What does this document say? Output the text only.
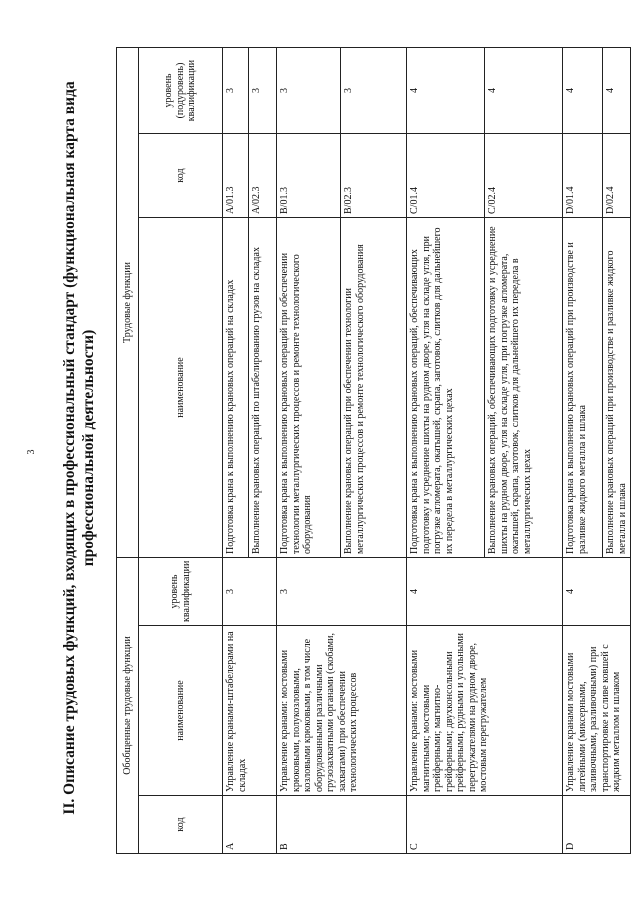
3 II. Описание трудовых функций, входящих в профессиональный стандарт (функциональная карта вида профессиональной деятельности)
Обобщенные трудовые функции			Трудовые функции		
код	наименование	уровень квалификации	наименование	код	уровень (подуровень) квалификации
A	Управление кранами-штабелерами на складах	3	Подготовка крана к выполнению крановых операций на складах	A/01.3	3
			Выполнение крановых операций по штабелированию грузов на складах	A/02.3	3
B	Управление кранами: мостовыми крюковыми, полукозловыми, козловыми крюковыми, в том числе оборудованными различными грузозахватными органами (скобами, захватами) при обеспечении технологических процессов	3	Подготовка крана к выполнению крановых операций при обеспечении технологии металлургических процессов и ремонте технологического оборудования	B/01.3	3
			Выполнение крановых операций при обеспечении технологии металлургических процессов и ремонте технологического оборудования	B/02.3	3
C	Управление кранами: мостовыми магнитными; мостовыми грейферными; магнитно-грейферными; двухконсольными грейферными, рудными и угольными перегружателями на рудном дворе, мостовым перегружателем	4	Подготовка крана к выполнению крановых операций, обеспечивающих подготовку и усреднение шихты на рудном дворе, угля на складе угля, при погрузке агломерата, окатышей, скрапа, заготовок, слитков для дальнейшего их передела в металлургических цехах	C/01.4	4
			Выполнение крановых операций, обеспечивающих подготовку и усреднение шихты на рудном дворе, угля на складе угля, при погрузке агломерата, окатышей, скрапа, заготовок, слитков для дальнейшего их передела в металлургических цехах	C/02.4	4
D	Управление кранами мостовыми литейными (миксерными, заливочными, разливочными) при транспортировке и сливе ковшей с жидким металлом и шлаком	4	Подготовка крана к выполнению крановых операций при производстве и разливке жидкого металла и шлака	D/01.4	4
			Выполнение крановых операций при производстве и разливке жидкого металла и шлака	D/02.4	4
